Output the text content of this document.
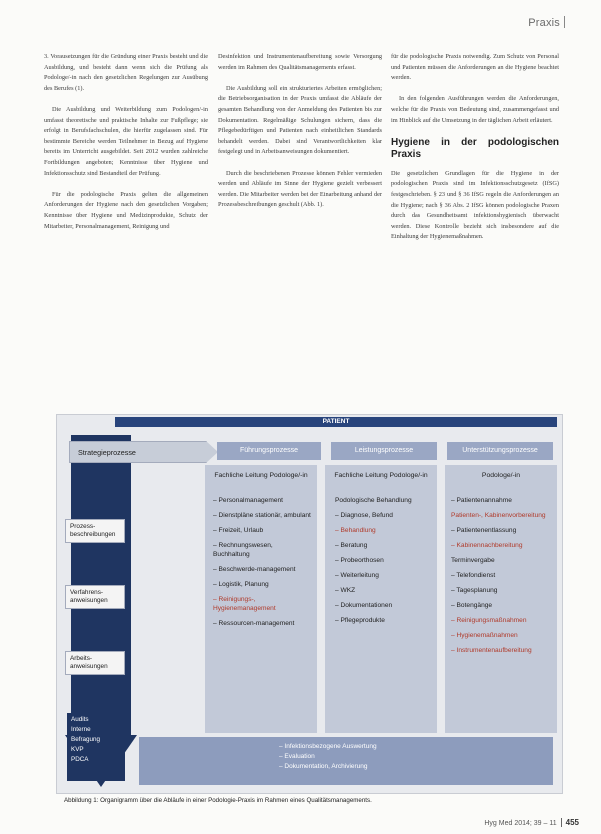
Praxis

3. Vorausetzungen für die Gründung einer Praxis besteht und die Ausbildung, und besteht dann wenn sich die Prüfung als Podologe/-in nach den gesetzlichen Regelungen zur Ausübung des Berufes (1).

Die Ausbildung und Weiterbildung zum Podologen/-in umfasst theoretische und praktische Inhalte zur Fußpflege; sie erfolgt in Berufsfachschulen, die hierfür zugelassen sind. Für bestimmte Bereiche werden Teilnehmer in Bezug auf Hygiene bereits im Unterricht ausgebildet. Seit 2012 wurden zahlreiche Fortbildungen angeboten; Kenntnisse über Hygiene und Infektionsschutz sind Bestandteil der Prüfung.

Für die podologische Praxis gelten die allgemeinen Anforderungen der Hygiene nach den gesetzlichen Vorgaben; Kenntnisse über Hygiene und Medizinprodukte, Schutz der Mitarbeiter, Personalmanagement, Reinigung und

Desinfektion und Instrumentenaufbereitung sowie Versorgung werden im Rahmen des Qualitätsmanagements erfasst.

Die Ausbildung soll ein strukturiertes Arbeiten ermöglichen; die Betriebsorganisation in der Praxis umfasst die Abläufe der gesamten Behandlung von der Anmeldung des Patienten bis zur Dokumentation. Regelmäßige Schulungen sichern, dass die Pflegebedürftigen und Patienten nach einheitlichen Standards behandelt werden. Dabei sind Verantwortlichkeiten klar festgelegt und in Arbeitsanweisungen dokumentiert.

Durch die beschriebenen Prozesse können Fehler vermieden werden und Abläufe im Sinne der Hygiene gezielt verbessert werden. Die Mitarbeiter werden bei der Einarbeitung anhand der Prozessbeschreibungen geschult (Abb. 1).

für die podologische Praxis notwendig. Zum Schutz von Personal und Patienten müssen die Anforderungen an die Hygiene beachtet werden.

In den folgenden Ausführungen werden die Anforderungen, welche für die Praxis von Bedeutung sind, zusammengefasst und im Hinblick auf die Umsetzung in der täglichen Arbeit erläutert.

Hygiene in der podologischen Praxis

Die gesetzlichen Grundlagen für die Hygiene in der podologischen Praxis sind im Infektionsschutzgesetz (IfSG) festgeschrieben. § 23 und § 36 IfSG regeln die Anforderungen an die Hygiene; nach § 36 Abs. 2 IfSG können podologische Praxen durch das Gesundheitsamt infektionshygienisch überwacht werden. Diese Kontrolle bezieht sich insbesondere auf die Einhaltung der Hygienemaßnahmen.

PATIENT
Strategieprozesse	Führungsprozesse	Leistungsprozesse	Unterstützungsprozesse
Fachliche Leitung Podologe/-in
– Personalmanagement
– Dienstpläne stationär, ambulant
– Freizeit, Urlaub
– Rechnungswesen, Buchhaltung
– Beschwerde-management
– Logistik, Planung
– Reinigungs-, Hygienemanagement
– Ressourcen-management
Fachliche Leitung Podologe/-in
Podologische Behandlung
– Diagnose, Befund
– Behandlung
– Beratung
– Probeorthosen
– Weiterleitung
– WKZ
– Dokumentationen
– Pflegeprodukte
Podologe/-in
– Patientenannahme
Patienten-, Kabinenvorbereitung
– Patientenentlassung
– Kabinennachbereitung
Terminvergabe
– Telefondienst
– Tagesplanung
– Botengänge
– Reinigungsmaßnahmen
– Hygienemaßnahmen
– Instrumentenaufbereitung
Prozess-beschreibungen
Verfahrens-anweisungen
Arbeits-anweisungen
– Infektionsbezogene Auswertung
– Evaluation
– Dokumentation, Archivierung
Audits
Interne Befragung
KVP
PDCA
Abbildung 1: Organigramm über die Abläufe in einer Podologie-Praxis im Rahmen eines Qualitätsmanagements.
Hyg Med 2014; 39 – 11 455
